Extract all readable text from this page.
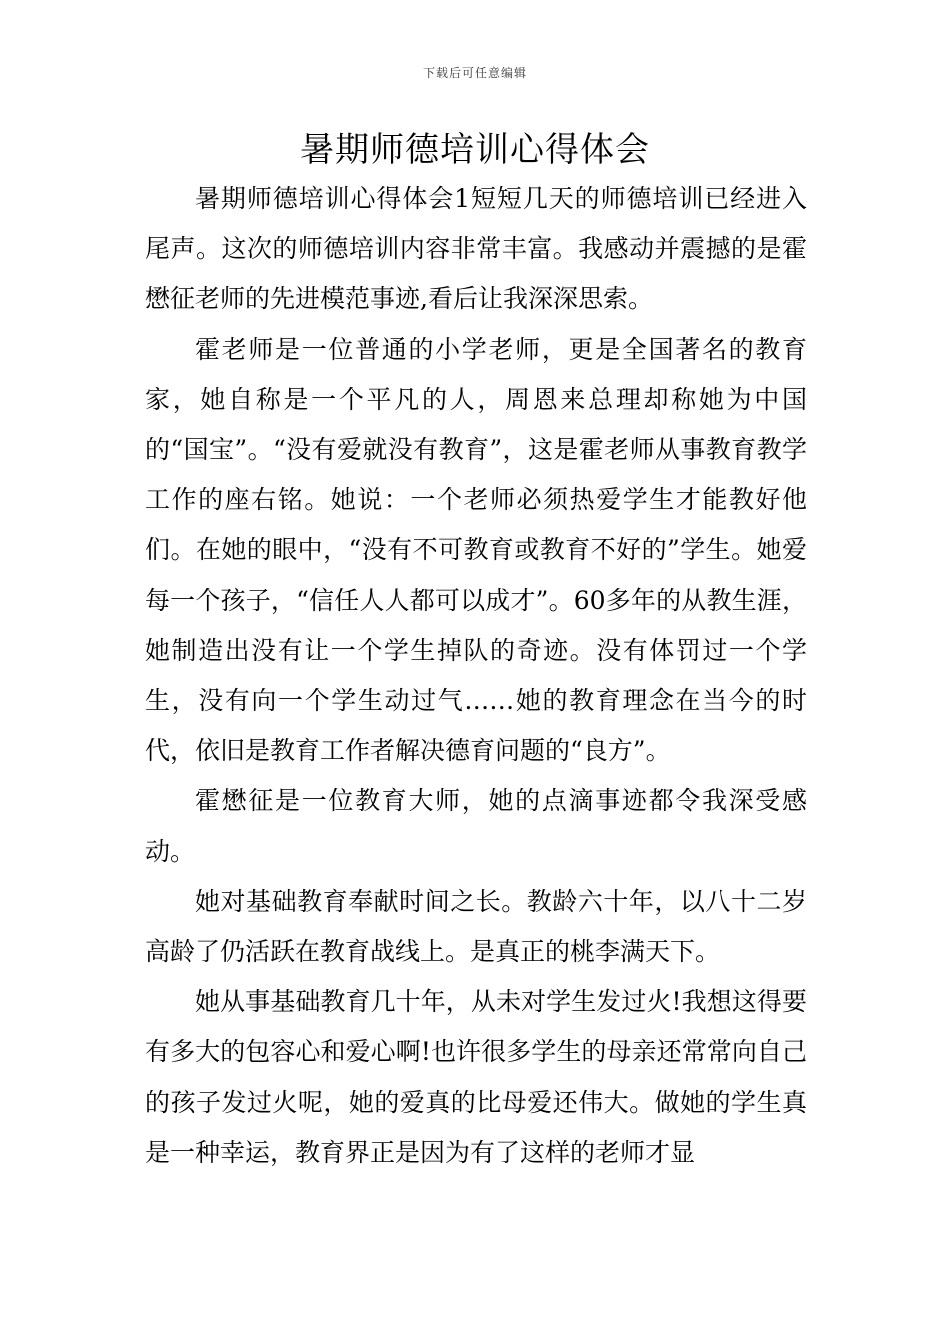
下载后可任意编辑
暑期师德培训心得体会

暑期师德培训心得体会1短短几天的师德培训已经进入尾声。这次的师德培训内容非常丰富。我感动并震撼的是霍懋征老师的先进模范事迹,看后让我深深思索。

霍老师是一位普通的小学老师，更是全国著名的教育家，她自称是一个平凡的人，周恩来总理却称她为中国的“国宝”。“没有爱就没有教育”，这是霍老师从事教育教学工作的座右铭。她说：一个老师必须热爱学生才能教好他们。在她的眼中，“没有不可教育或教育不好的”学生。她爱每一个孩子，“信任人人都可以成才”。60多年的从教生涯，她制造出没有让一个学生掉队的奇迹。没有体罚过一个学生，没有向一个学生动过气……她的教育理念在当今的时代，依旧是教育工作者解决德育问题的“良方”。

霍懋征是一位教育大师，她的点滴事迹都令我深受感动。

她对基础教育奉献时间之长。教龄六十年，以八十二岁高龄了仍活跃在教育战线上。是真正的桃李满天下。

她从事基础教育几十年，从未对学生发过火!我想这得要有多大的包容心和爱心啊!也许很多学生的母亲还常常向自己的孩子发过火呢，她的爱真的比母爱还伟大。做她的学生真是一种幸运，教育界正是因为有了这样的老师才显
